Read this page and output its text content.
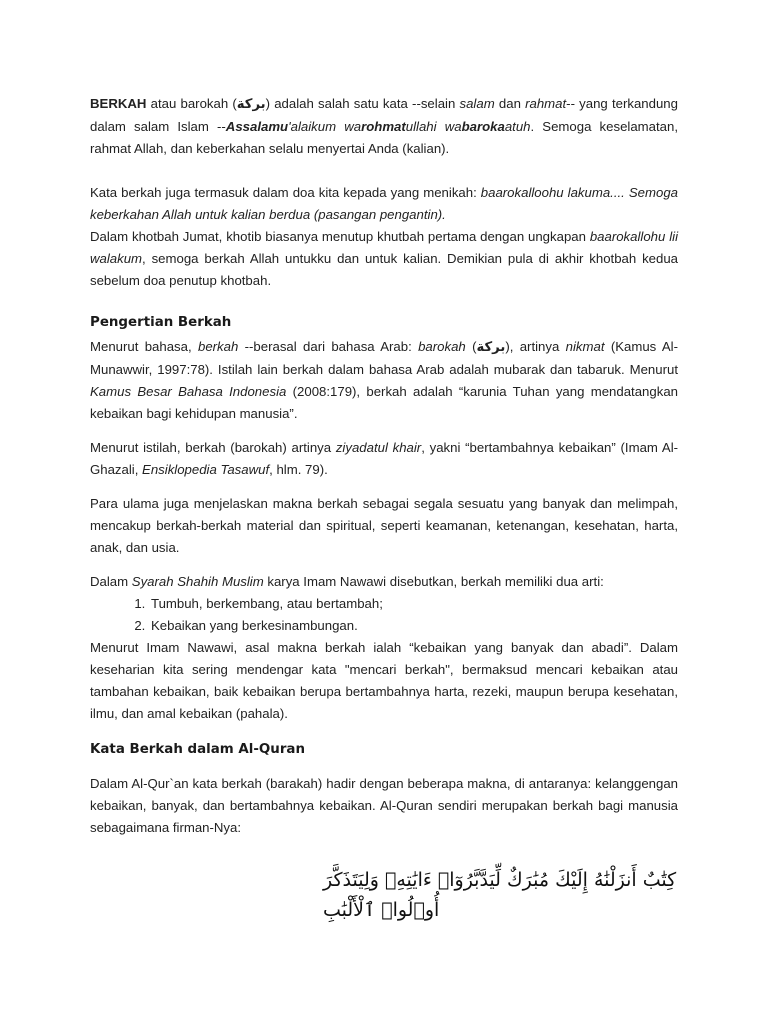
BERKAH atau barokah (بركة) adalah salah satu kata --selain salam dan rahmat-- yang terkandung dalam salam Islam --Assalamu'alaikum warohmatullahi wabarokaatuh. Semoga keselamatan, rahmat Allah, dan keberkahan selalu menyertai Anda (kalian).

Kata berkah juga termasuk dalam doa kita kepada yang menikah: baarokalloohu lakuma.... Semoga keberkahan Allah untuk kalian berdua (pasangan pengantin).

Dalam khotbah Jumat, khotib biasanya menutup khutbah pertama dengan ungkapan baarokallohu lii walakum, semoga berkah Allah untukku dan untuk kalian. Demikian pula di akhir khotbah kedua sebelum doa penutup khotbah.

Pengertian Berkah

Menurut bahasa, berkah --berasal dari bahasa Arab: barokah (بركة), artinya nikmat (Kamus Al-Munawwir, 1997:78). Istilah lain berkah dalam bahasa Arab adalah mubarak dan tabaruk. Menurut Kamus Besar Bahasa Indonesia (2008:179), berkah adalah “karunia Tuhan yang mendatangkan kebaikan bagi kehidupan manusia”.

Menurut istilah, berkah (barokah) artinya ziyadatul khair, yakni “bertambahnya kebaikan” (Imam Al-Ghazali, Ensiklopedia Tasawuf, hlm. 79).

Para ulama juga menjelaskan makna berkah sebagai segala sesuatu yang banyak dan melimpah, mencakup berkah-berkah material dan spiritual, seperti keamanan, ketenangan, kesehatan, harta, anak, dan usia.

Dalam Syarah Shahih Muslim karya Imam Nawawi disebutkan, berkah memiliki dua arti:

1. Tumbuh, berkembang, atau bertambah;
2. Kebaikan yang berkesinambungan.

Menurut Imam Nawawi, asal makna berkah ialah “kebaikan yang banyak dan abadi”. Dalam keseharian kita sering mendengar kata "mencari berkah", bermaksud mencari kebaikan atau tambahan kebaikan, baik kebaikan berupa bertambahnya harta, rezeki, maupun berupa kesehatan, ilmu, dan amal kebaikan (pahala).

Kata Berkah dalam Al-Quran

Dalam Al-Qur`an kata berkah (barakah) hadir dengan beberapa makna, di antaranya: kelanggengan kebaikan, banyak, dan bertambahnya kebaikan. Al-Quran sendiri merupakan berkah bagi manusia sebagaimana firman-Nya:

كِتَٰبٌ أَنزَلْنَٰهُ إِلَيْكَ مُبَٰرَكٌ لِّيَدَّبَّرُوٓا۟ ءَايَٰتِهِۦ وَلِيَتَذَكَّرَ أُو۟لُوا۟ ٱلْأَلْبَٰبِ
